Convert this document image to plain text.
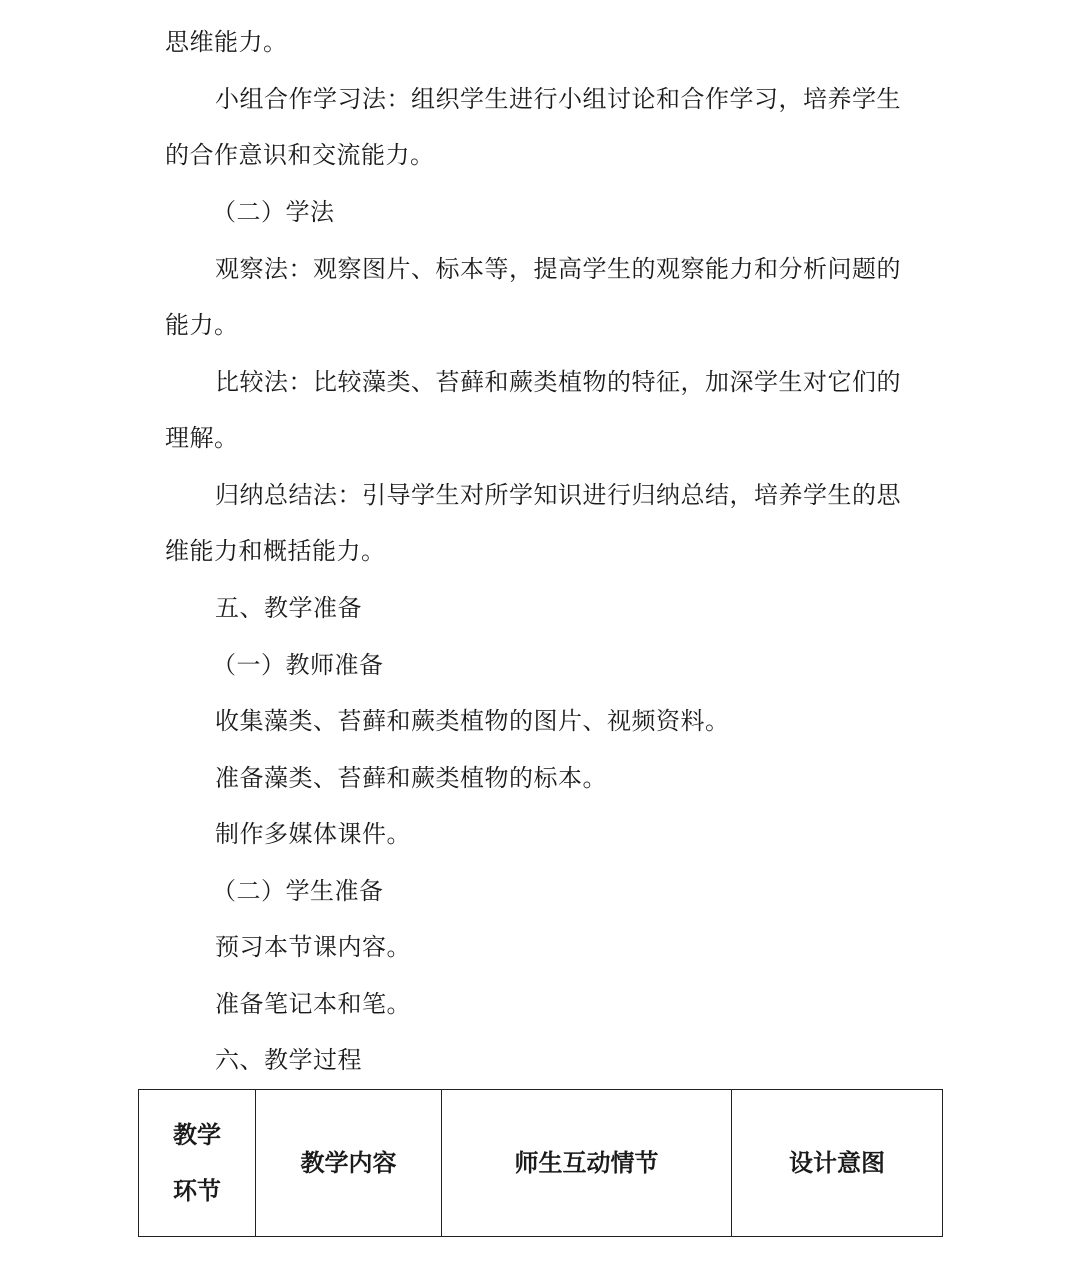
思维能力。
小组合作学习法：组织学生进行小组讨论和合作学习，培养学生
的合作意识和交流能力。
（二）学法
观察法：观察图片、标本等，提高学生的观察能力和分析问题的
能力。
比较法：比较藻类、苔藓和蕨类植物的特征，加深学生对它们的
理解。
归纳总结法：引导学生对所学知识进行归纳总结，培养学生的思
维能力和概括能力。
五、教学准备
（一）教师准备
收集藻类、苔藓和蕨类植物的图片、视频资料。
准备藻类、苔藓和蕨类植物的标本。
制作多媒体课件。
（二）学生准备
预习本节课内容。
准备笔记本和笔。
六、教学过程
教学环节	教学内容	师生互动情节	设计意图
